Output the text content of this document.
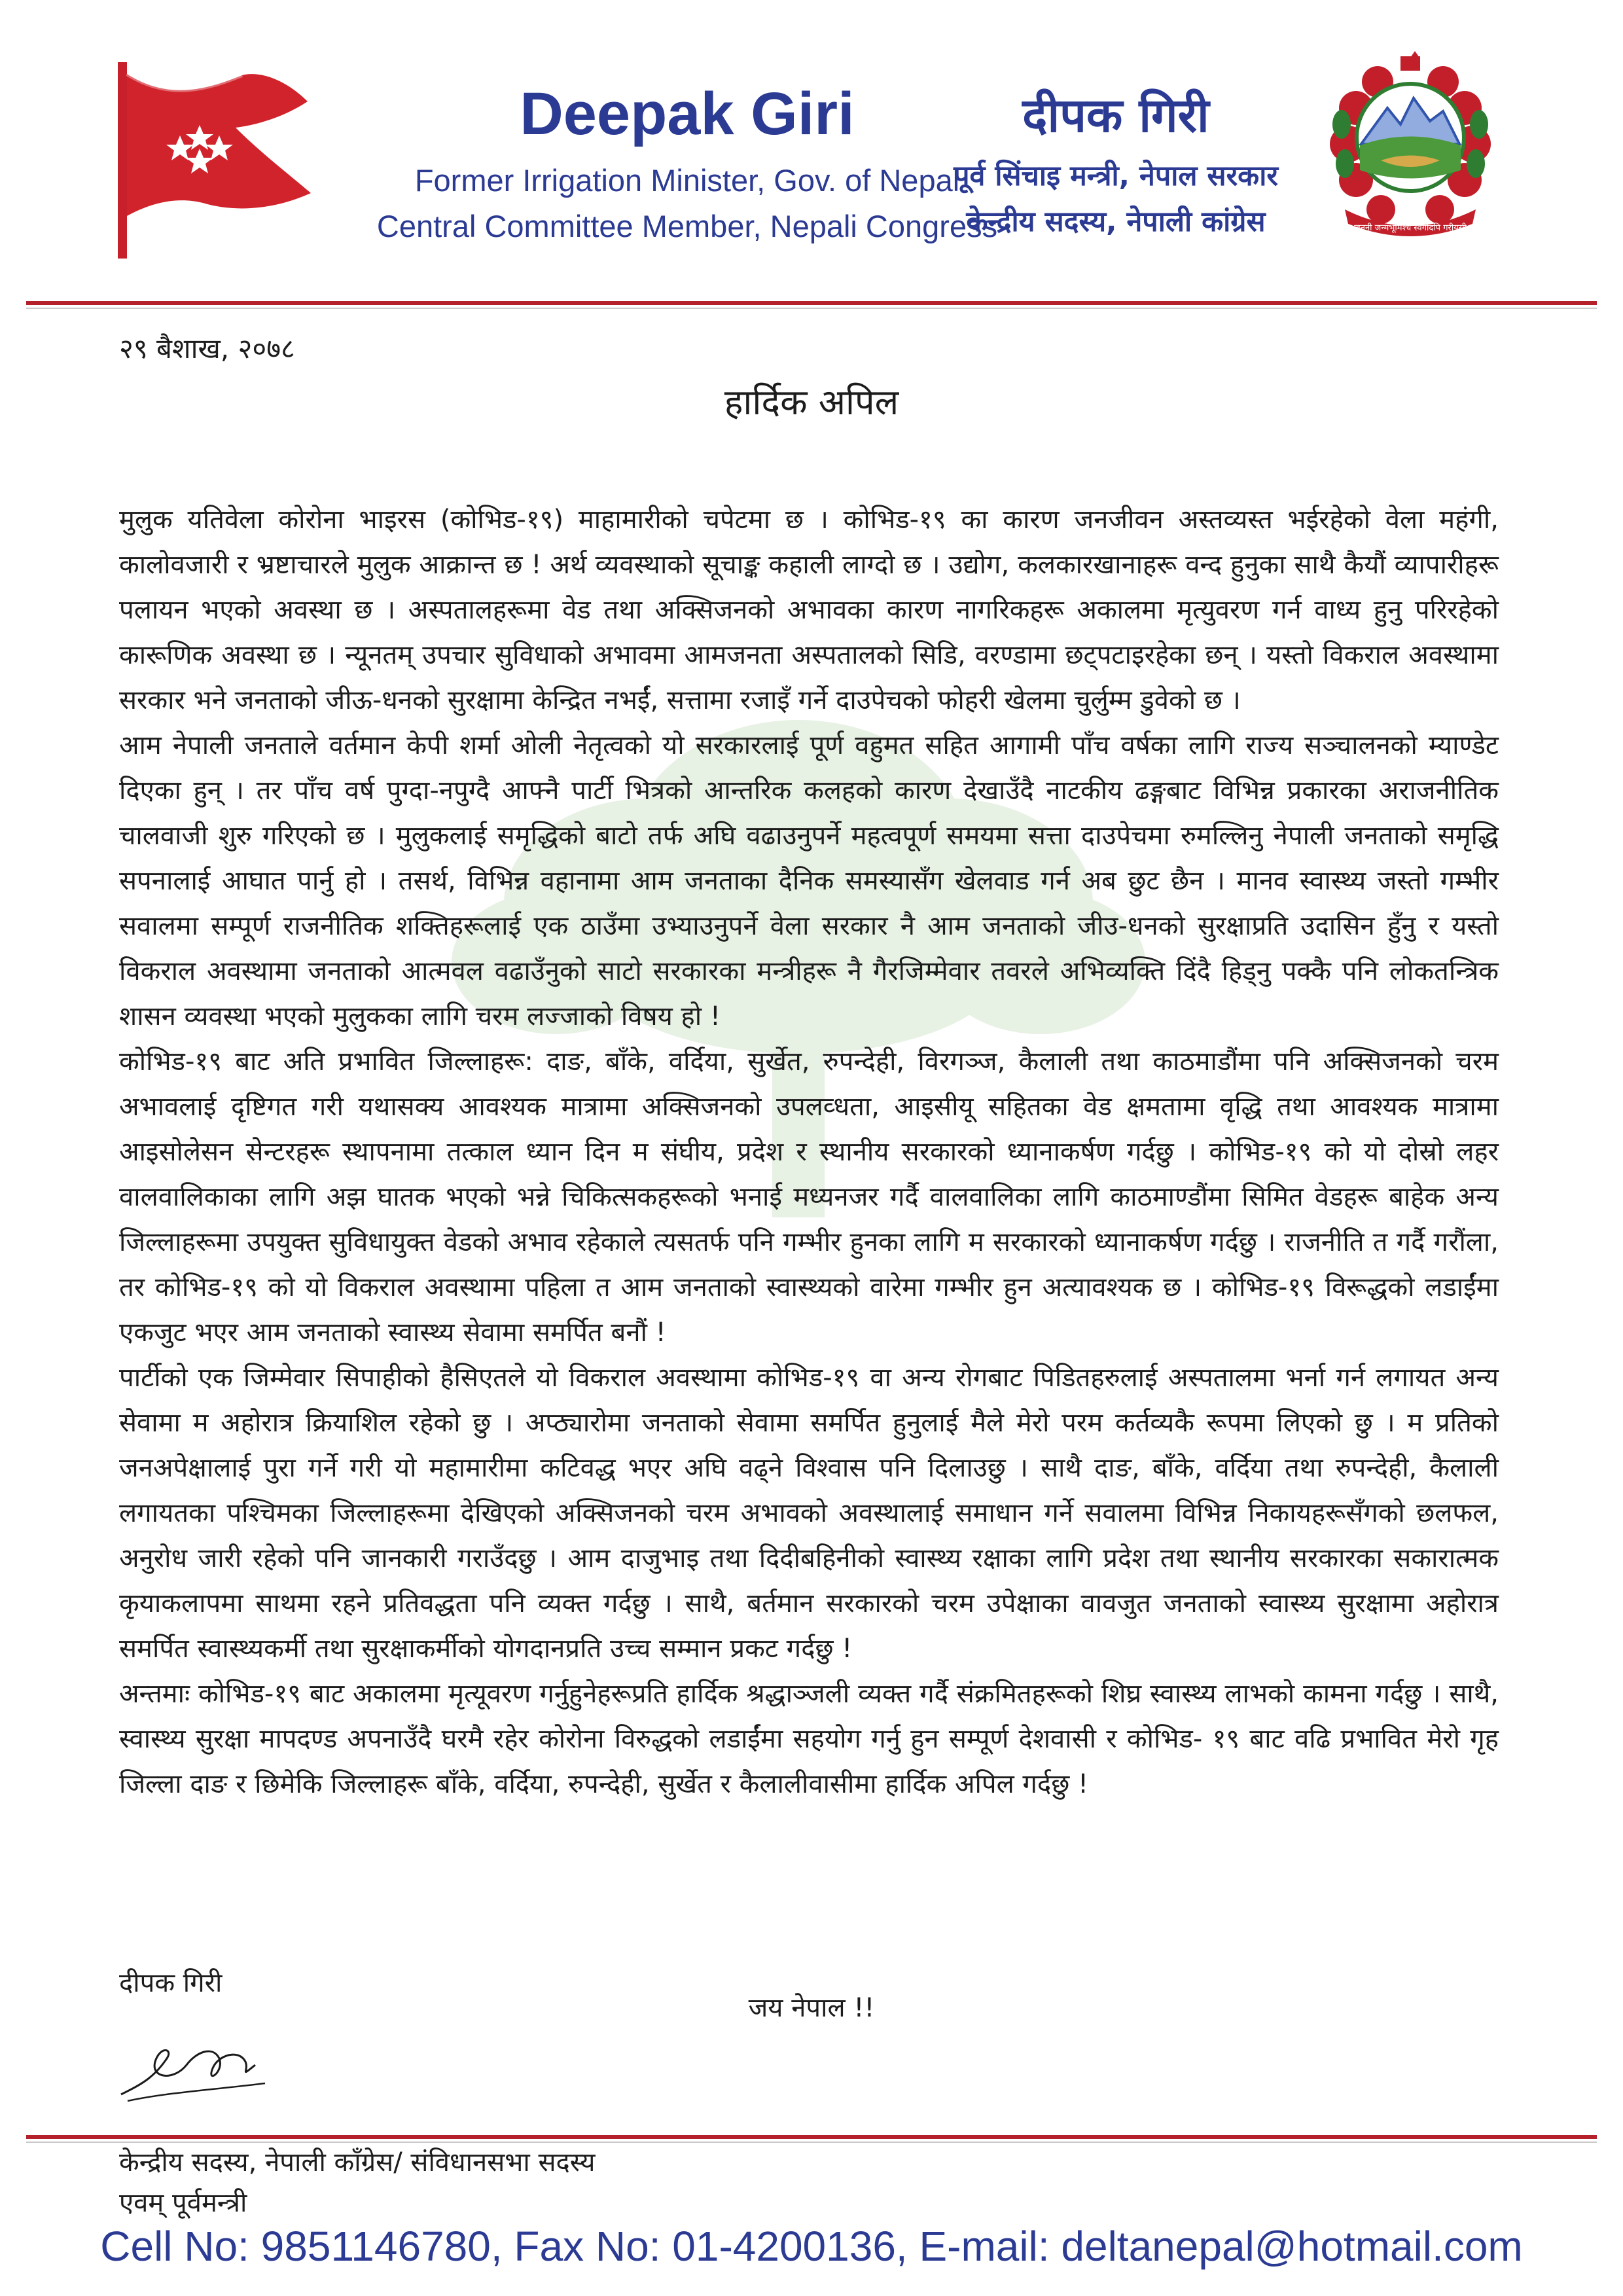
Deepak Giri
Former Irrigation Minister, Gov. of Nepal
Central Committee Member, Nepali Congress
दीपक गिरी
पूर्व सिंचाइ मन्त्री, नेपाल सरकार
केन्द्रीय सदस्य, नेपाली कांग्रेस	जननी जन्मभूमिश्च स्वर्गादपि गरीयसी
२९ बैशाख, २०७८
हार्दिक अपिल

मुलुक यतिवेला कोरोना भाइरस (कोभिड-१९) माहामारीको चपेटमा छ । कोभिड-१९ का कारण जनजीवन अस्तव्यस्त भईरहेको वेला महंगी, कालोवजारी र भ्रष्टाचारले मुलुक आक्रान्त छ ! अर्थ व्यवस्थाको सूचाङ्क कहाली लाग्दो छ । उद्योग, कलकारखानाहरू वन्द हुनुका साथै कैयौं व्यापारीहरू पलायन भएको अवस्था छ । अस्पतालहरूमा वेड तथा अक्सिजनको अभावका कारण नागरिकहरू अकालमा मृत्युवरण गर्न वाध्य हुनु परिरहेको कारूणिक अवस्था छ । न्यूनतम् उपचार सुविधाको अभावमा आमजनता अस्पतालको सिडि, वरण्डामा छट्पटाइरहेका छन् । यस्तो विकराल अवस्थामा सरकार भने जनताको जीऊ-धनको सुरक्षामा केन्द्रित नभईं, सत्तामा रजाइँ गर्ने दाउपेचको फोहरी खेलमा चुर्लुम्म डुवेको छ ।

आम नेपाली जनताले वर्तमान केपी शर्मा ओली नेतृत्वको यो सरकारलाई पूर्ण वहुमत सहित आगामी पाँच वर्षका लागि राज्य सञ्चालनको म्याण्डेट दिएका हुन् । तर पाँच वर्ष पुग्दा-नपुग्दै आफ्नै पार्टी भित्रको आन्तरिक कलहको कारण देखाउँदै नाटकीय ढङ्गबाट विभिन्न प्रकारका अराजनीतिक चालवाजी शुरु गरिएको छ । मुलुकलाई समृद्धिको बाटो तर्फ अघि वढाउनुपर्ने महत्वपूर्ण समयमा सत्ता दाउपेचमा रुमल्लिनु नेपाली जनताको समृद्धि सपनालाई आघात पार्नु हो । तसर्थ, विभिन्न वहानामा आम जनताका दैनिक समस्यासँग खेलवाड गर्न अब छुट छैन । मानव स्वास्थ्य जस्तो गम्भीर सवालमा सम्पूर्ण राजनीतिक शक्तिहरूलाई एक ठाउँमा उभ्याउनुपर्ने वेला सरकार नै आम जनताको जीउ-धनको सुरक्षाप्रति उदासिन हुँनु र यस्तो विकराल अवस्थामा जनताको आत्मवल वढाउँनुको साटो सरकारका मन्त्रीहरू नै गैरजिम्मेवार तवरले अभिव्यक्ति दिंदै हिड्नु पक्कै पनि लोकतन्त्रिक शासन व्यवस्था भएको मुलुकका लागि चरम लज्जाको विषय हो !

कोभिड-१९ बाट अति प्रभावित जिल्लाहरू: दाङ, बाँके, वर्दिया, सुर्खेत, रुपन्देही, विरगञ्ज, कैलाली तथा काठमाडौंमा पनि अक्सिजनको चरम अभावलाई दृष्टिगत गरी यथासक्य आवश्यक मात्रामा अक्सिजनको उपलव्धता, आइसीयू सहितका वेड क्षमतामा वृद्धि तथा आवश्यक मात्रामा आइसोलेसन सेन्टरहरू स्थापनामा तत्काल ध्यान दिन म संघीय, प्रदेश र स्थानीय सरकारको ध्यानाकर्षण गर्दछु । कोभिड-१९ को यो दोस्रो लहर वालवालिकाका लागि अझ घातक भएको भन्ने चिकित्सकहरूको भनाई मध्यनजर गर्दै वालवालिका लागि काठमाण्डौंमा सिमित वेडहरू बाहेक अन्य जिल्लाहरूमा उपयुक्त सुविधायुक्त वेडको अभाव रहेकाले त्यसतर्फ पनि गम्भीर हुनका लागि म सरकारको ध्यानाकर्षण गर्दछु । राजनीति त गर्दै गरौंला, तर कोभिड-१९ को यो विकराल अवस्थामा पहिला त आम जनताको स्वास्थ्यको वारेमा गम्भीर हुन अत्यावश्यक छ । कोभिड-१९ विरूद्धको लडाईंमा एकजुट भएर आम जनताको स्वास्थ्य सेवामा समर्पित बनौं !

पार्टीको एक जिम्मेवार सिपाहीको हैसिएतले यो विकराल अवस्थामा कोभिड-१९ वा अन्य रोगबाट पिडितहरुलाई अस्पतालमा भर्ना गर्न लगायत अन्य सेवामा म अहोरात्र क्रियाशिल रहेको छु । अप्ठ्यारोमा जनताको सेवामा समर्पित हुनुलाई मैले मेरो परम कर्तव्यकै रूपमा लिएको छु । म प्रतिको जनअपेक्षालाई पुरा गर्ने गरी यो महामारीमा कटिवद्ध भएर अघि वढ्ने विश्वास पनि दिलाउछु । साथै दाङ, बाँके, वर्दिया तथा रुपन्देही, कैलाली लगायतका पश्चिमका जिल्लाहरूमा देखिएको अक्सिजनको चरम अभावको अवस्थालाई समाधान गर्ने सवालमा विभिन्न निकायहरूसँगको छलफल, अनुरोध जारी रहेको पनि जानकारी गराउँदछु । आम दाजुभाइ तथा दिदीबहिनीको स्वास्थ्य रक्षाका लागि प्रदेश तथा स्थानीय सरकारका सकारात्मक कृयाकलापमा साथमा रहने प्रतिवद्धता पनि व्यक्त गर्दछु । साथै, बर्तमान सरकारको चरम उपेक्षाका वावजुत जनताको स्वास्थ्य सुरक्षामा अहोरात्र समर्पित स्वास्थ्यकर्मी तथा सुरक्षाकर्मीको योगदानप्रति उच्च सम्मान प्रकट गर्दछु !

अन्तमाः कोभिड-१९ बाट अकालमा मृत्यूवरण गर्नुहुनेहरूप्रति हार्दिक श्रद्धाञ्जली व्यक्त गर्दै संक्रमितहरूको शिघ्र स्वास्थ्य लाभको कामना गर्दछु । साथै, स्वास्थ्य सुरक्षा मापदण्ड अपनाउँदै घरमै रहेर कोरोना विरुद्धको लडाईंमा सहयोग गर्नु हुन सम्पूर्ण देशवासी र कोभिड- १९ बाट वढि प्रभावित मेरो गृह जिल्ला दाङ र छिमेकि जिल्लाहरू बाँके, वर्दिया, रुपन्देही, सुर्खेत र कैलालीवासीमा हार्दिक अपिल गर्दछु !

जय नेपाल !!
दीपक गिरी
केन्द्रीय सदस्य, नेपाली काँग्रेस/ संविधानसभा सदस्य
एवम् पूर्वमन्त्री
Cell No: 9851146780, Fax No: 01-4200136, E-mail: deltanepal@hotmail.com
